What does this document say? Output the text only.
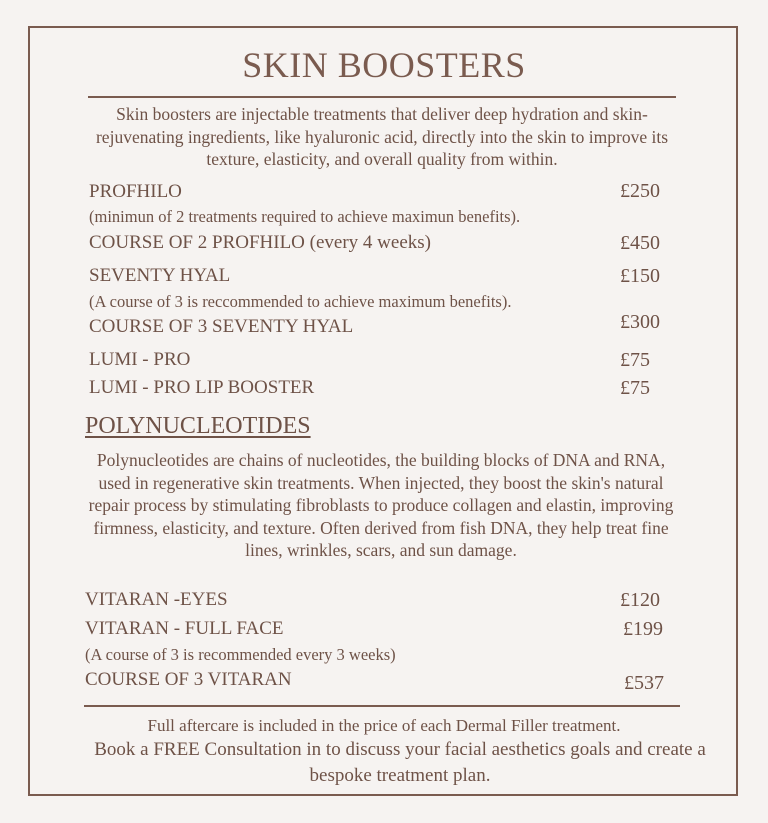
SKIN BOOSTERS
Skin boosters are injectable treatments that deliver deep hydration and skin-rejuvenating ingredients, like hyaluronic acid, directly into the skin to improve its texture, elasticity, and overall quality from within.
PROFHILO	£250
(minimun of 2 treatments required to achieve maximun benefits).
COURSE OF 2 PROFHILO (every 4 weeks)	£450
SEVENTY HYAL	£150
(A course of 3 is reccommended to achieve maximum benefits).
COURSE OF 3 SEVENTY HYAL	£300
LUMI - PRO	£75
LUMI - PRO LIP BOOSTER	£75
POLYNUCLEOTIDES
Polynucleotides are chains of nucleotides, the building blocks of DNA and RNA, used in regenerative skin treatments. When injected, they boost the skin's natural repair process by stimulating fibroblasts to produce collagen and elastin, improving firmness, elasticity, and texture. Often derived from fish DNA, they help treat fine lines, wrinkles, scars, and sun damage.
VITARAN -EYES	£120
VITARAN - FULL FACE	£199
(A course of 3 is recommended every 3 weeks)
COURSE OF 3 VITARAN	£537
Full aftercare is included in the price of each Dermal Filler treatment.
Book a FREE Consultation in to discuss your facial aesthetics goals and create a bespoke treatment plan.
